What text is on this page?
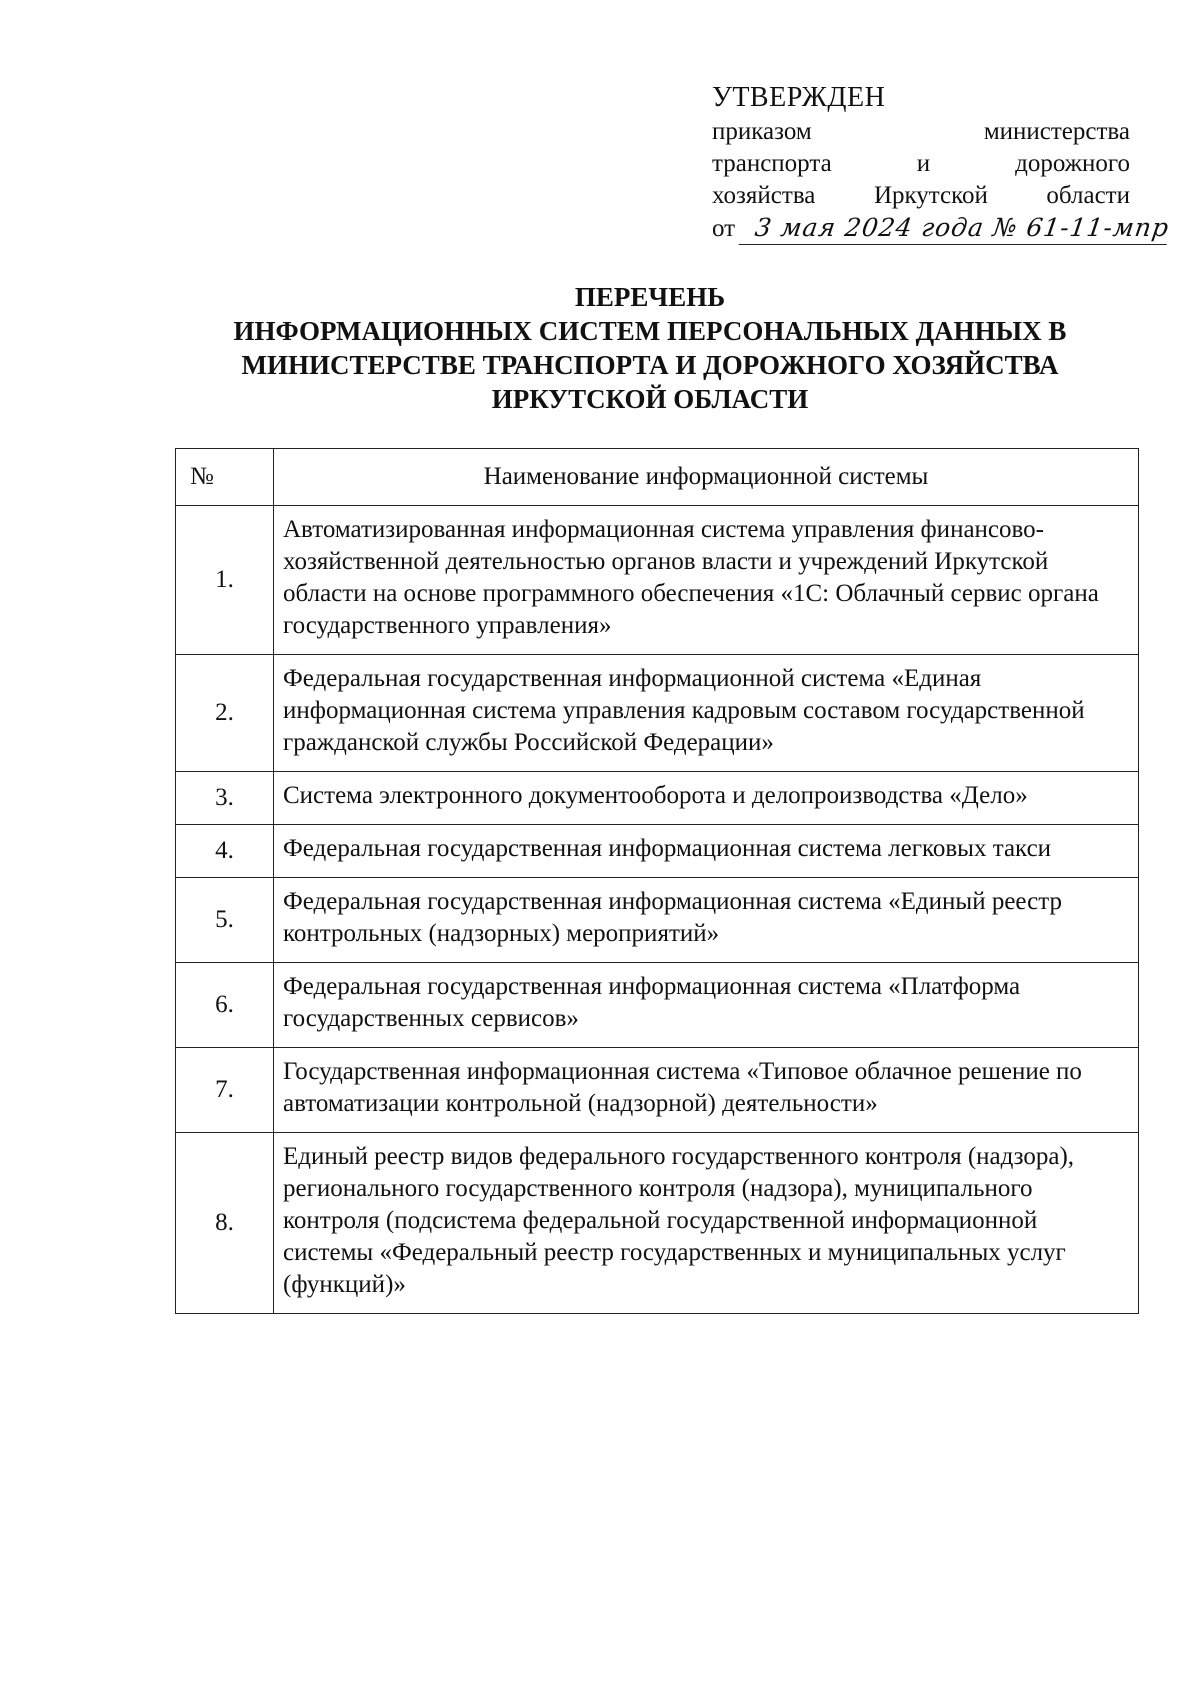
УТВЕРЖДЕН
приказом министерства
транспорта и дорожного
хозяйства Иркутской области
от 3 мая 2024 года № 61-11-мпр
ПЕРЕЧЕНЬ
ИНФОРМАЦИОННЫХ СИСТЕМ ПЕРСОНАЛЬНЫХ ДАННЫХ В
МИНИСТЕРСТВЕ ТРАНСПОРТА И ДОРОЖНОГО ХОЗЯЙСТВА
ИРКУТСКОЙ ОБЛАСТИ
№	Наименование информационной системы
1.	Автоматизированная информационная система управления финансово-хозяйственной деятельностью органов власти и учреждений Иркутской области на основе программного обеспечения «1С: Облачный сервис органа государственного управления»
2.	Федеральная государственная информационной система «Единая информационная система управления кадровым составом государственной гражданской службы Российской Федерации»
3.	Система электронного документооборота и делопроизводства «Дело»
4.	Федеральная государственная информационная система легковых такси
5.	Федеральная государственная информационная система «Единый реестр контрольных (надзорных) мероприятий»
6.	Федеральная государственная информационная система «Платформа государственных сервисов»
7.	Государственная информационная система «Типовое облачное решение по автоматизации контрольной (надзорной) деятельности»
8.	Единый реестр видов федерального государственного контроля (надзора), регионального государственного контроля (надзора), муниципального контроля (подсистема федеральной государственной информационной системы «Федеральный реестр государственных и муниципальных услуг (функций)»
